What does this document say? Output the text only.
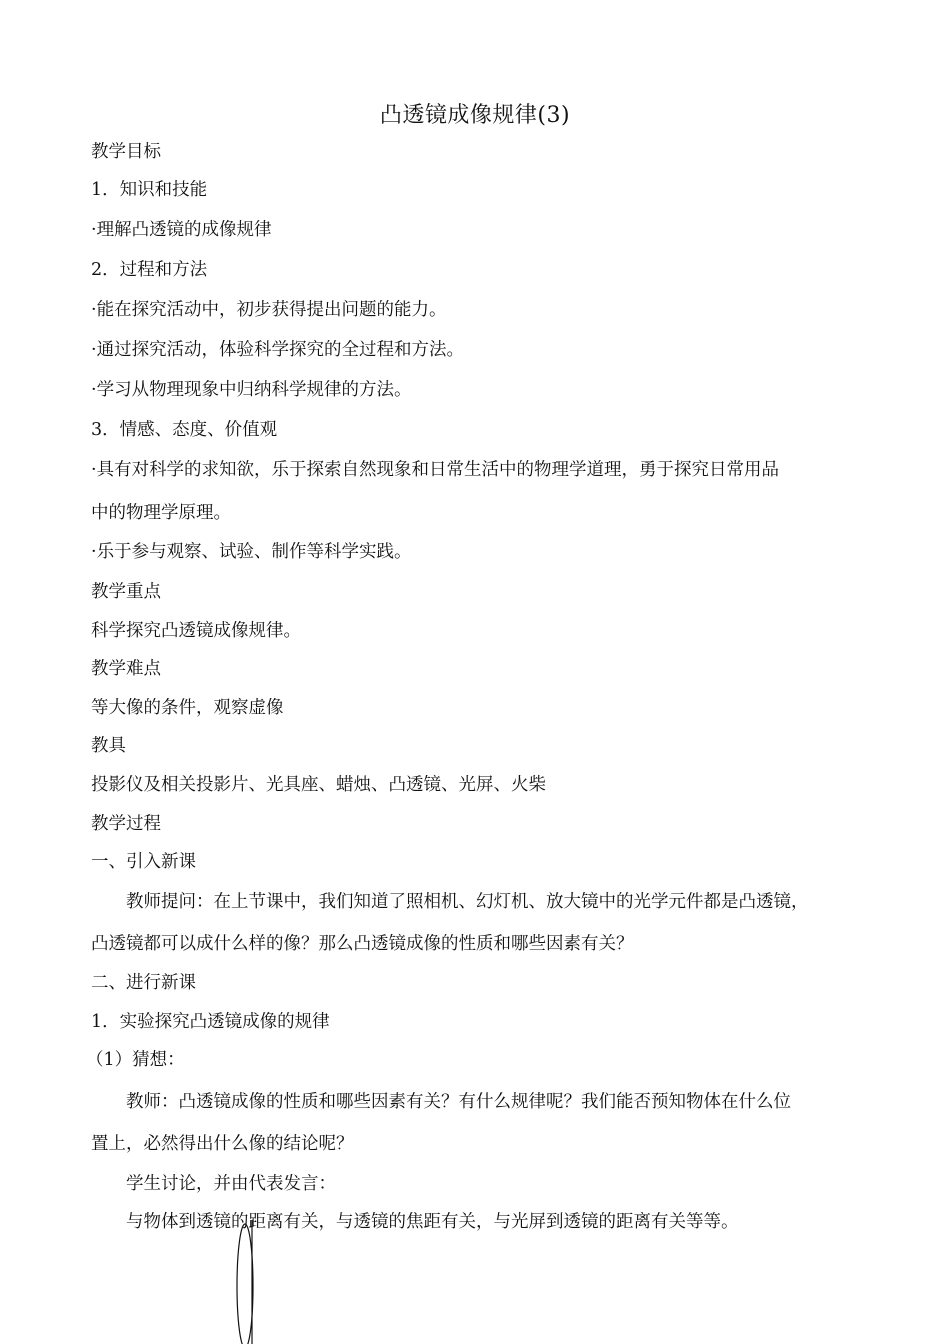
凸透镜成像规律(3)
教学目标
1．知识和技能
·理解凸透镜的成像规律
2．过程和方法
·能在探究活动中，初步获得提出问题的能力。
·通过探究活动，体验科学探究的全过程和方法。
·学习从物理现象中归纳科学规律的方法。
3．情感、态度、价值观
·具有对科学的求知欲，乐于探索自然现象和日常生活中的物理学道理，勇于探究日常用品
中的物理学原理。
·乐于参与观察、试验、制作等科学实践。
教学重点
科学探究凸透镜成像规律。
教学难点
等大像的条件，观察虚像
教具
投影仪及相关投影片、光具座、蜡烛、凸透镜、光屏、火柴
教学过程
一、引入新课
教师提问：在上节课中，我们知道了照相机、幻灯机、放大镜中的光学元件都是凸透镜，
凸透镜都可以成什么样的像？那么凸透镜成像的性质和哪些因素有关？
二、进行新课
1．实验探究凸透镜成像的规律
（1）猜想：
教师：凸透镜成像的性质和哪些因素有关？有什么规律呢？我们能否预知物体在什么位
置上，必然得出什么像的结论呢？
学生讨论，并由代表发言：
与物体到透镜的距离有关，与透镜的焦距有关，与光屏到透镜的距离有关等等。
